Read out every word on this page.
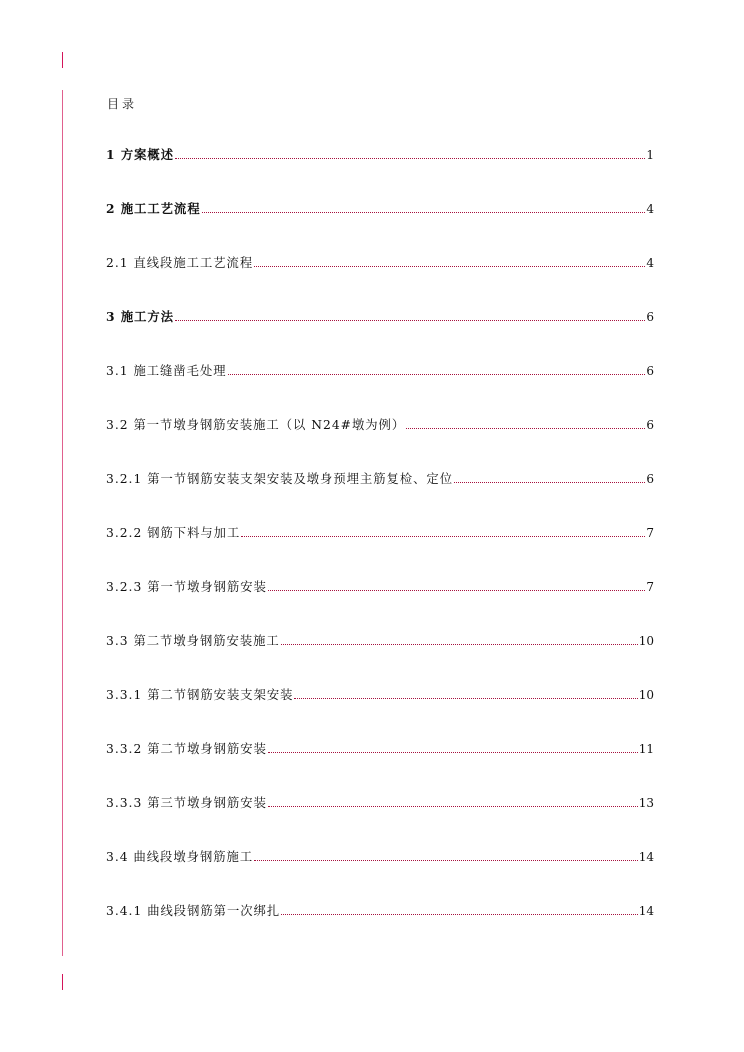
目录
1 方案概述	1
2 施工工艺流程	4
2.1 直线段施工工艺流程	4
3 施工方法	6
3.1 施工缝凿毛处理	6
3.2 第一节墩身钢筋安装施工（以 N24#墩为例）	6
3.2.1 第一节钢筋安装支架安装及墩身预埋主筋复检、定位	6
3.2.2 钢筋下料与加工	7
3.2.3 第一节墩身钢筋安装	7
3.3 第二节墩身钢筋安装施工	10
3.3.1 第二节钢筋安装支架安装	10
3.3.2 第二节墩身钢筋安装	11
3.3.3 第三节墩身钢筋安装	13
3.4 曲线段墩身钢筋施工	14
3.4.1 曲线段钢筋第一次绑扎	14
